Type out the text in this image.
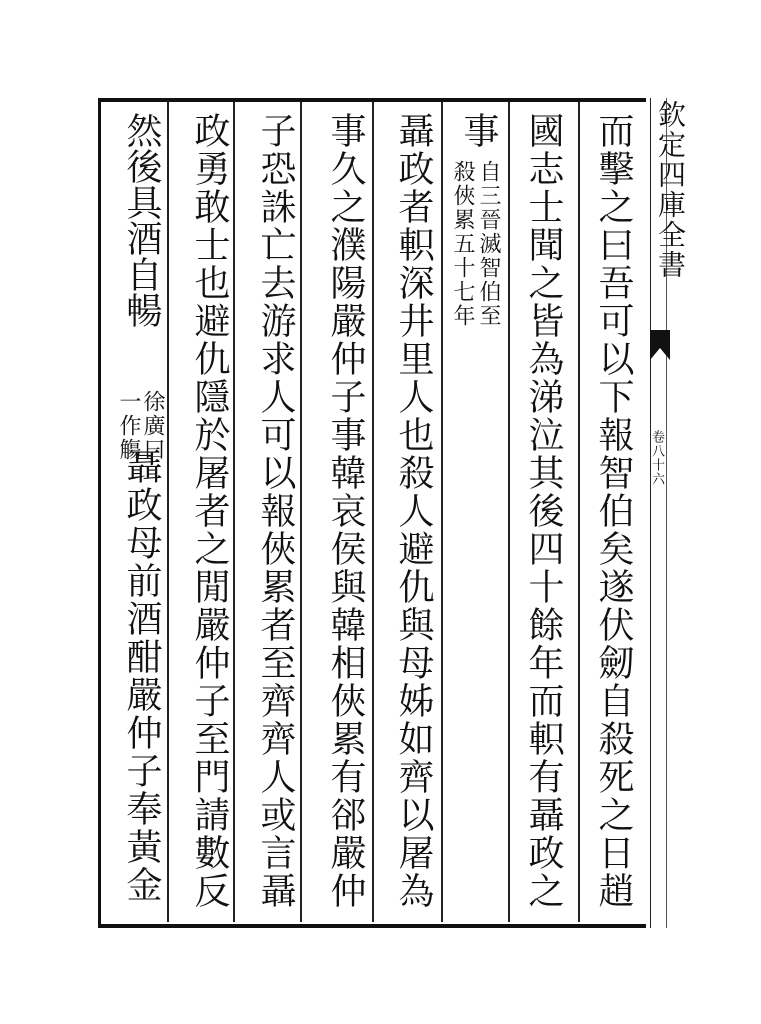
欽定四庫全書
卷八十六
而擊之曰吾可以下報智伯矣遂伏劒自殺死之日趙
國志士聞之皆為涕泣其後四十餘年而軹有聶政之
事
自三晉滅智伯至
殺俠累五十七年
聶政者軹深井里人也殺人避仇與母姊如齊以屠為
事久之濮陽嚴仲子事韓哀侯與韓相俠累有郤嚴仲
子恐誅亡去游求人可以報俠累者至齊齊人或言聶
政勇敢士也避仇隱於屠者之閒嚴仲子至門請數反
然後具酒自暢
徐廣曰
一作觴
聶政母前酒酣嚴仲子奉黃金
